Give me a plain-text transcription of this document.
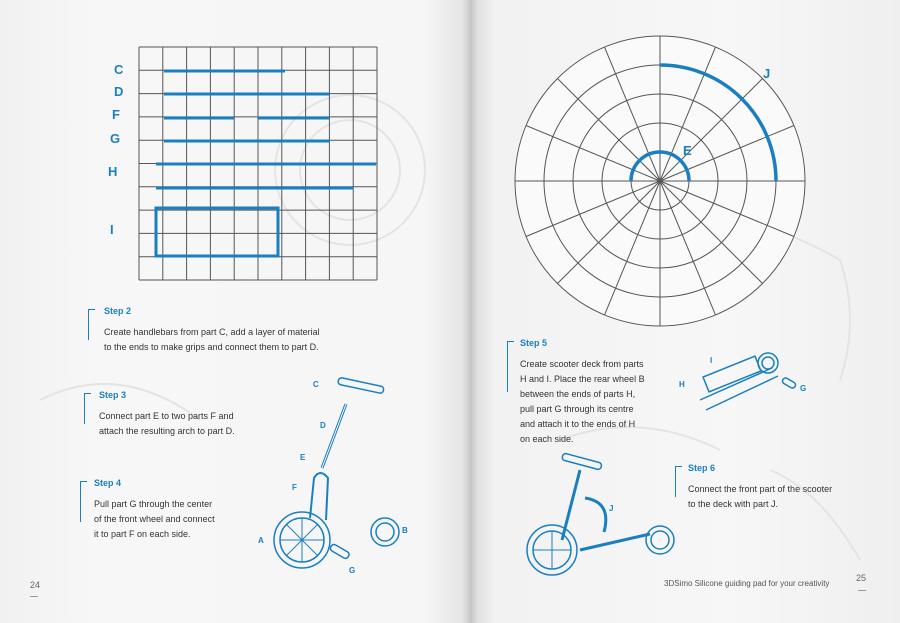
C
D
F
G
H
I
J
E
Step 2
Create handlebars from part C, add a layer of material
to the ends to make grips and connect them to part D.
Step 3
Connect part E to two parts F and
attach the resulting arch to part D.
Step 4
Pull part G through the center
of the front wheel and connect
it to part F on each side.
C
D
E
F
A
B
G
Step 5
Create scooter deck from parts
H and I. Place the rear wheel B
between the ends of parts H,
pull part G through its centre
and attach it to the ends of H
on each side.
Step 6
Connect the front part of the scooter
to the deck with part J.
I
H	G
J
24	3DSimo Silicone guiding pad for your creativity
25
